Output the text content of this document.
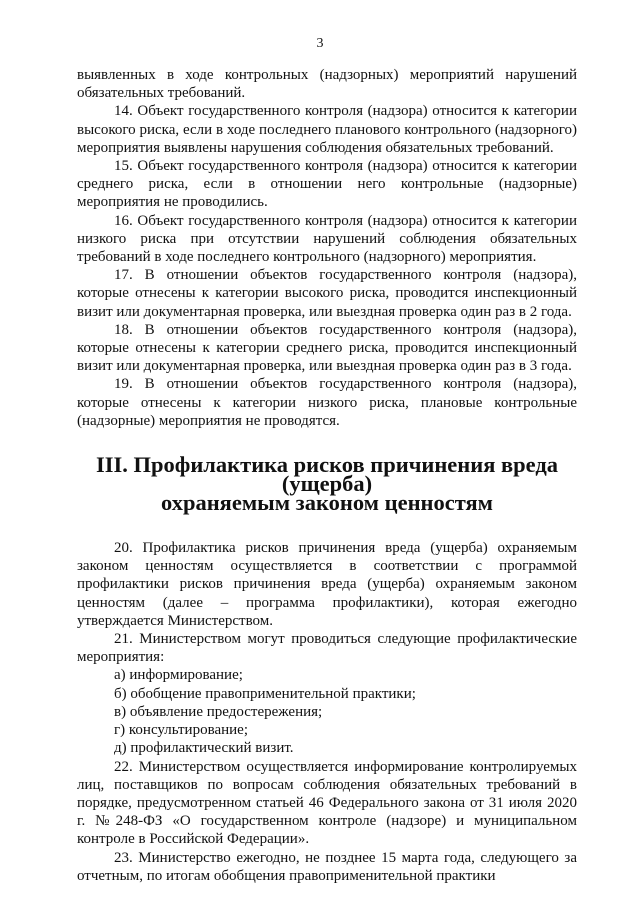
3

выявленных в ходе контрольных (надзорных) мероприятий нарушений обязательных требований.

14. Объект государственного контроля (надзора) относится к категории высокого риска, если в ходе последнего планового контрольного (надзорного) мероприятия выявлены нарушения соблюдения обязательных требований.

15. Объект государственного контроля (надзора) относится к категории среднего риска, если в отношении него контрольные (надзорные) мероприятия не проводились.

16. Объект государственного контроля (надзора) относится к категории низкого риска при отсутствии нарушений соблюдения обязательных требований в ходе последнего контрольного (надзорного) мероприятия.

17. В отношении объектов государственного контроля (надзора), которые отнесены к категории высокого риска, проводится инспекционный визит или документарная проверка, или выездная проверка один раз в 2 года.

18. В отношении объектов государственного контроля (надзора), которые отнесены к категории среднего риска, проводится инспекционный визит или документарная проверка, или выездная проверка один раз в 3 года.

19. В отношении объектов государственного контроля (надзора), которые отнесены к категории низкого риска, плановые контрольные (надзорные) мероприятия не проводятся.

III. Профилактика рисков причинения вреда (ущерба)
охраняемым законом ценностям

20. Профилактика рисков причинения вреда (ущерба) охраняемым законом ценностям осуществляется в соответствии с программой профилактики рисков причинения вреда (ущерба) охраняемым законом ценностям (далее – программа профилактики), которая ежегодно утверждается Министерством.

21. Министерством могут проводиться следующие профилактические мероприятия:

а) информирование;

б) обобщение правоприменительной практики;

в) объявление предостережения;

г) консультирование;

д) профилактический визит.

22. Министерством осуществляется информирование контролируемых лиц, поставщиков по вопросам соблюдения обязательных требований в порядке, предусмотренном статьей 46 Федерального закона от 31 июля 2020 г. №248-ФЗ «О государственном контроле (надзоре) и муниципальном контроле в Российской Федерации».

23. Министерство ежегодно, не позднее 15 марта года, следующего за отчетным, по итогам обобщения правоприменительной практики
